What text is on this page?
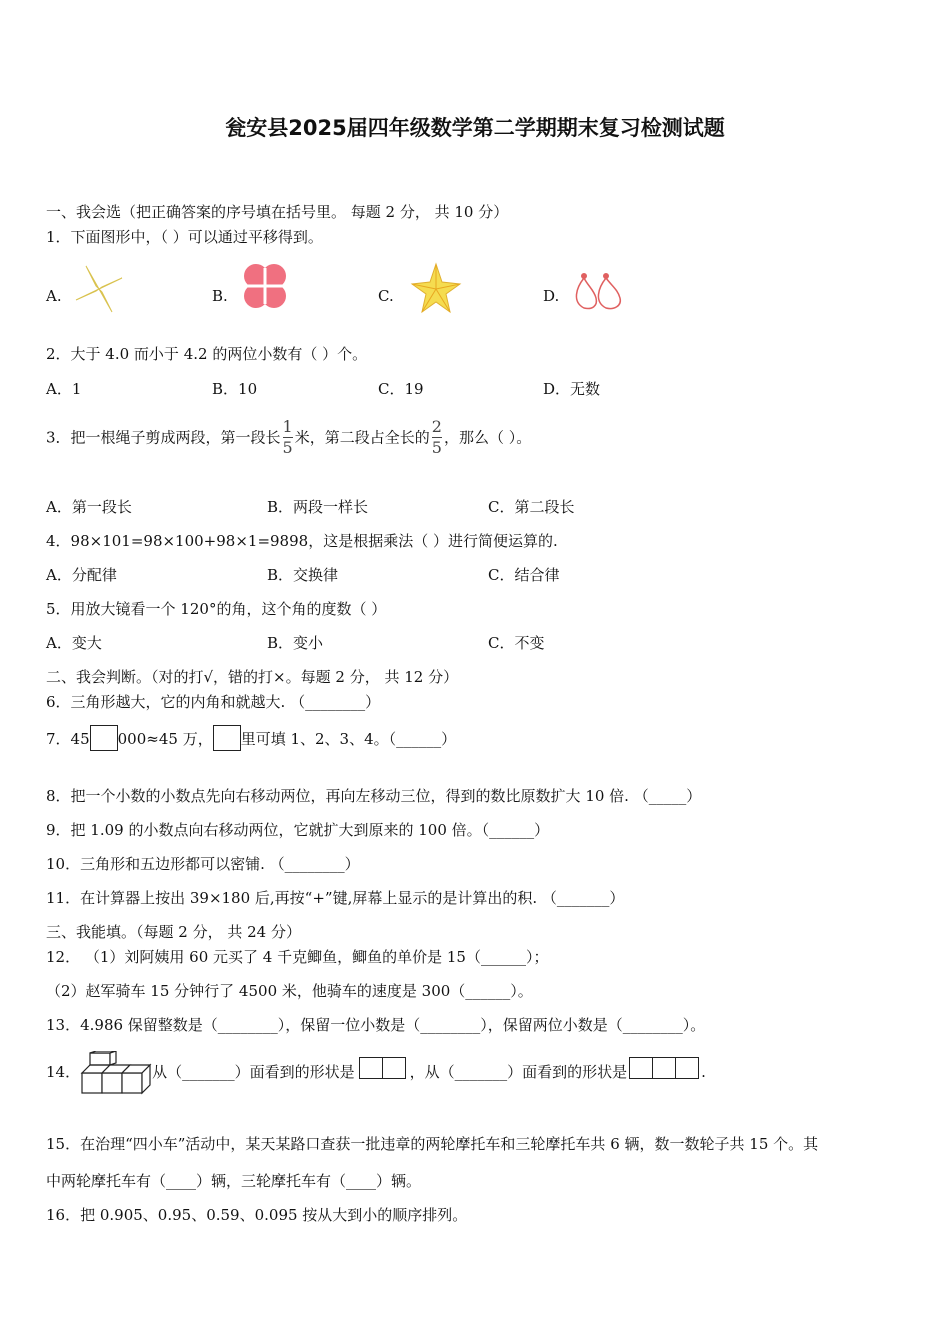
瓮安县2025届四年级数学第二学期期末复习检测试题
一、我会选（把正确答案的序号填在括号里。 每题 2 分， 共 10 分）
1．下面图形中，（ ）可以通过平移得到。
A.	B.	C.	D.
2．大于 4.0 而小于 4.2 的两位小数有（ ）个。
A．1	B．10	C．19	D．无数
3．把一根绳子剪成两段，第一段长 $\frac{1}{5}$ 米，第二段占全长的 $\frac{2}{5}$ ，那么（ ）。
A．第一段长	B．两段一样长	C．第二段长
4．98×101=98×100+98×1=9898，这是根据乘法（ ）进行简便运算的.
A．分配律	B．交换律	C．结合律
5．用放大镜看一个 120°的角，这个角的度数（ ）
A．变大	B．变小	C．不变
二、我会判断。（对的打√，错的打×。每题 2 分， 共 12 分）
6．三角形越大，它的内角和就越大. （________）
7．45 000≈45 万， 里可填 1、2、3、4。（______）
8．把一个小数的小数点先向右移动两位，再向左移动三位，得到的数比原数扩大 10 倍. （_____）
9．把 1.09 的小数点向右移动两位，它就扩大到原来的 100 倍。（______）
10．三角形和五边形都可以密铺. （________）
11．在计算器上按出 39×180 后,再按“+”键,屏幕上显示的是计算出的积. （_______）
三、我能填。（每题 2 分， 共 24 分）
12． （1）刘阿姨用 60 元买了 4 千克鲫鱼，鲫鱼的单价是 15（______）；
（2）赵军骑车 15 分钟行了 4500 米，他骑车的速度是 300（______）。
13．4.986 保留整数是（________），保留一位小数是（________），保留两位小数是（________）。
14．	从（_______）面看到的形状是	，从（_______）面看到的形状是	.
15．在治理“四小车”活动中，某天某路口查获一批违章的两轮摩托车和三轮摩托车共 6 辆，数一数轮子共 15 个。其
中两轮摩托车有（____）辆，三轮摩托车有（____）辆。
16．把 0.905、0.95、0.59、0.095 按从大到小的顺序排列。
